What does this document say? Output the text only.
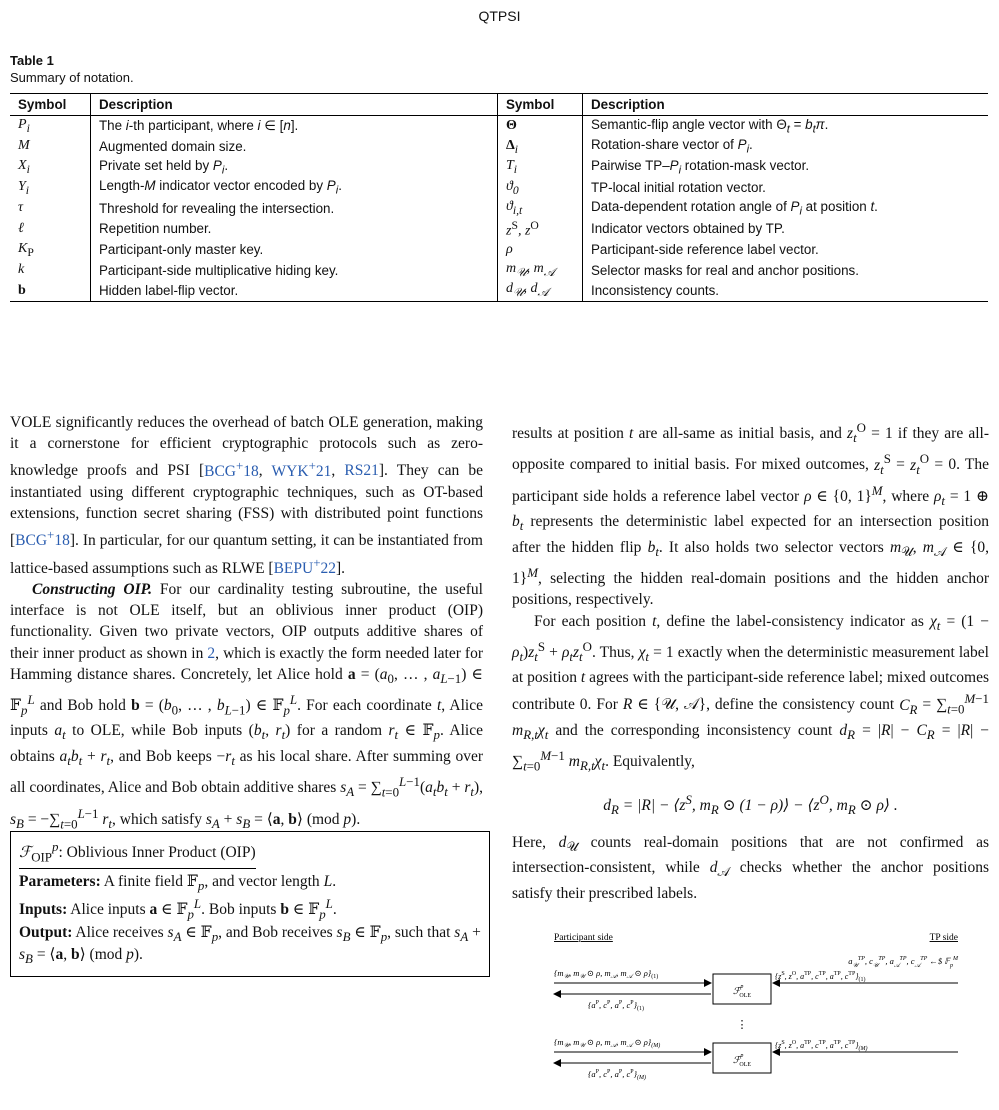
QTPSI
Table 1
Summary of notation.
Symbol	Description	Symbol	Description
$P_i$	The i-th participant, where i ∈ [n].	Θ	Semantic-flip angle vector with $\Theta_t = b_t\pi$.
M	Augmented domain size.	$\Delta_i$	Rotation-share vector of $P_i$.
$X_i$	Private set held by $P_i$.	$T_i$	Pairwise $TP-P_i$ rotation-mask vector.
$Y_i$	Length-M indicator vector encoded by $P_i$.	$ϑ_0$	TP-local initial rotation vector.
τ	Threshold for revealing the intersection.	$ϑ_{i,t}$	Data-dependent rotation angle of $P_i$ at position t.
ℓ	Repetition number.	$z^S$, $z^O$	Indicator vectors obtained by TP.
$K_P$	Participant-only master key.	ρ	Participant-side reference label vector.
k	Participant-side multiplicative hiding key.	$m_𝒰$, $m_𝒜$	Selector masks for real and anchor positions.
b	Hidden label-flip vector.	$d_𝒰$, $d_𝒜$	Inconsistency counts.

VOLE significantly reduces the overhead of batch OLE generation, making it a cornerstone for efficient cryptographic protocols such as zero-knowledge proofs and PSI [BCG+18, WYK+21, RS21]. They can be instantiated using different cryptographic techniques, such as OT-based extensions, function secret sharing (FSS) with distributed point functions [BCG+18]. In particular, for our quantum setting, it can be instantiated from lattice-based assumptions such as RLWE [BEPU+22].

Constructing OIP. For our cardinality testing subroutine, the useful interface is not OLE itself, but an oblivious inner product (OIP) functionality. Given two private vectors, OIP outputs additive shares of their inner product as shown in 2, which is exactly the form needed later for Hamming distance shares. Concretely, let Alice hold $a = (a_0$, … , $a_{L-1}$) ∈ 𝔽$_p^L$ and Bob hold $b = (b_0$, … , $b_{L-1}$) ∈ 𝔽$_p^L$. For each coordinate t, Alice inputs $a_t$ to OLE, while Bob inputs ($b_t$, $r_t$) for a random $r_t$ ∈ 𝔽$_p$. Alice obtains $a_tb_t + r_t$, and Bob keeps $-r_t$ as his local share. After summing over all coordinates, Alice and Bob obtain additive shares $s_A = \sum_{t=0}^{L-1}(a_tb_t + r_t)$, $s_B = -\sum_{t=0}^{L-1}$ $r_t$, which satisfy $s_A + s_B$ = ⟨a, b⟩ (mod p).

ℱ$_{OIP}^p$: Oblivious Inner Product (OIP)
Parameters: A finite field 𝔽$_p$, and vector length L.
Inputs: Alice inputs a ∈ 𝔽$_p^L$. Bob inputs b ∈ 𝔽$_p^L$.
Output: Alice receives $s_A$ ∈ 𝔽$_p$, and Bob receives $s_B$ ∈ 𝔽$_p$, such that $s_A + s_B$ = ⟨a, b⟩ (mod p).

results at position t are all-same as initial basis, and $z_t^O = 1$ if they are all-opposite compared to initial basis. For mixed outcomes, $z_t^S = z_t^O = 0$. The participant side holds a reference label vector ρ ∈ {0, 1}$^M$, where $\rho_t = 1$ ⊕ $b_t$ represents the deterministic label expected for an intersection position after the hidden flip $b_t$. It also holds two selector vectors $m_𝒰$, $m_𝒜$ ∈ {0, 1}$^M$, selecting the hidden real-domain positions and the hidden anchor positions, respectively.

For each position t, define the label-consistency indicator as $\chi_t = (1 - \rho_t)z_t^S + \rho_tz_t^O$. Thus, $\chi_t = 1$ exactly when the deterministic measurement label at position t agrees with the participant-side reference label; mixed outcomes contribute 0. For R ∈ {𝒰, 𝒜}, define the consistency count $C_R = \sum_{t=0}^{M-1}$ $m_{R,t}\chi_t$ and the corresponding inconsistency count $d_R = |R| - C_R = |R| - \sum_{t=0}^{M-1}$ $m_{R,t}\chi_t$. Equivalently,

$d_R = |R|$ − $⟨z^S$, $m_R$ ⊙ (1 − ρ)⟩ − $⟨z^O$, $m_R$ ⊙ ρ⟩ .

Here, $d_𝒰$ counts real-domain positions that are not confirmed as intersection-consistent, while $d_𝒜$ checks whether the anchor positions satisfy their prescribed labels.

Participant side	TP side
$a_𝒰^{TP}$, $c_𝒰^{TP}$, $a_𝒜^{TP}$, $c_𝒜^{TP}$ ←$ 𝔽$_p^M$
{$m_𝒰$, $m_𝒰$ ⊙ ρ, $m_𝒜$, $m_𝒜$ ⊙ $\rho\}_{(1)}$
ℱ$^p$ OLE
{$z^S$, $z^O$, $a^{TP}$, $c^{TP}$, $a^{TP}$, $c^{TP}\}_{(1)}$
{$a^P$, $c^P$, $a^P$, $c^P\}_{(1)}$
⋮
{$m_𝒰$, $m_𝒰$ ⊙ ρ, $m_𝒜$, $m_𝒜$ ⊙ $\rho\}_{(M)}$
ℱ$^p$ OLE
{$z^S$, $z^O$, $a^{TP}$, $c^{TP}$, $a^{TP}$, $c^{TP}\}_{(M)}$
{$a^P$, $c^P$, $a^P$, $c^P\}_{(M)}$
